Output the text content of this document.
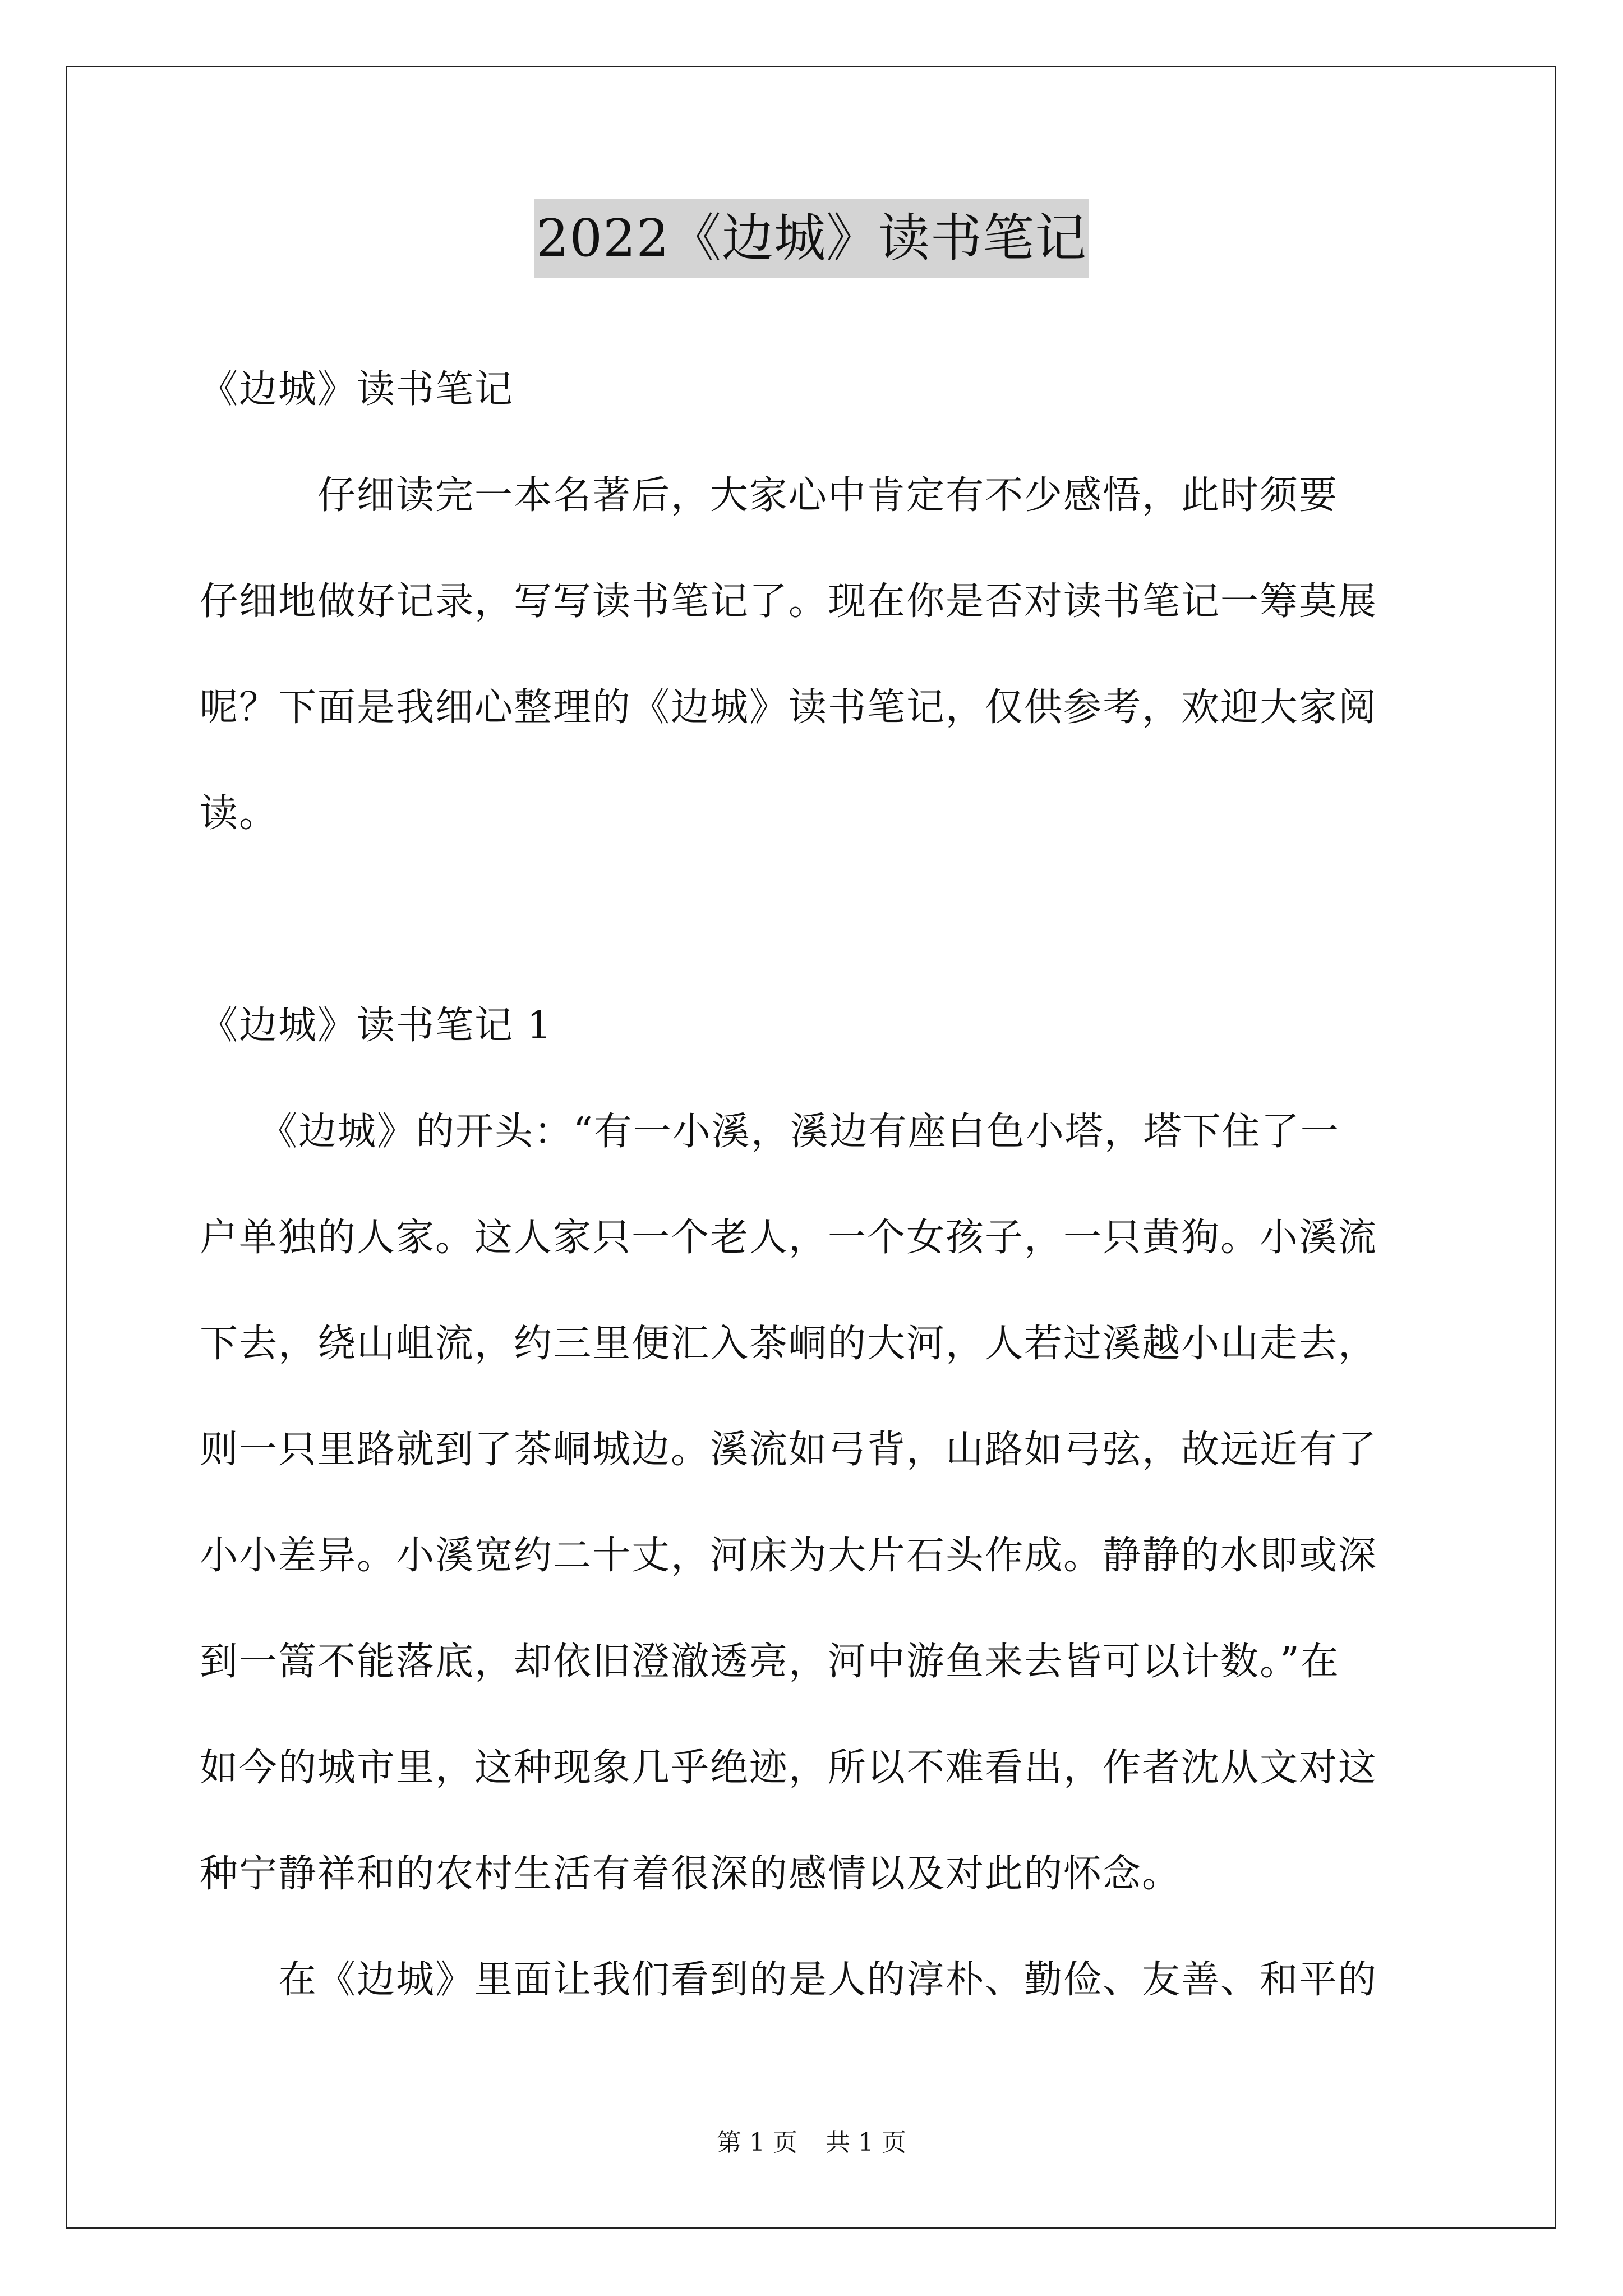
2022《边城》读书笔记

《边城》读书笔记

　　　仔细读完一本名著后，大家心中肯定有不少感悟，此时须要

仔细地做好记录，写写读书笔记了。现在你是否对读书笔记一筹莫展

呢？下面是我细心整理的《边城》读书笔记，仅供参考，欢迎大家阅

读。

《边城》读书笔记 1

　　《边城》的开头：“有一小溪，溪边有座白色小塔，塔下住了一

户单独的人家。这人家只一个老人，一个女孩子，一只黄狗。小溪流

下去，绕山岨流，约三里便汇入茶峒的大河，人若过溪越小山走去，

则一只里路就到了茶峒城边。溪流如弓背，山路如弓弦，故远近有了

小小差异。小溪宽约二十丈，河床为大片石头作成。静静的水即或深

到一篙不能落底，却依旧澄澈透亮，河中游鱼来去皆可以计数。”在

如今的城市里，这种现象几乎绝迹，所以不难看出，作者沈从文对这

种宁静祥和的农村生活有着很深的感情以及对此的怀念。

　　在《边城》里面让我们看到的是人的淳朴、勤俭、友善、和平的

第 1 页 共 1 页
